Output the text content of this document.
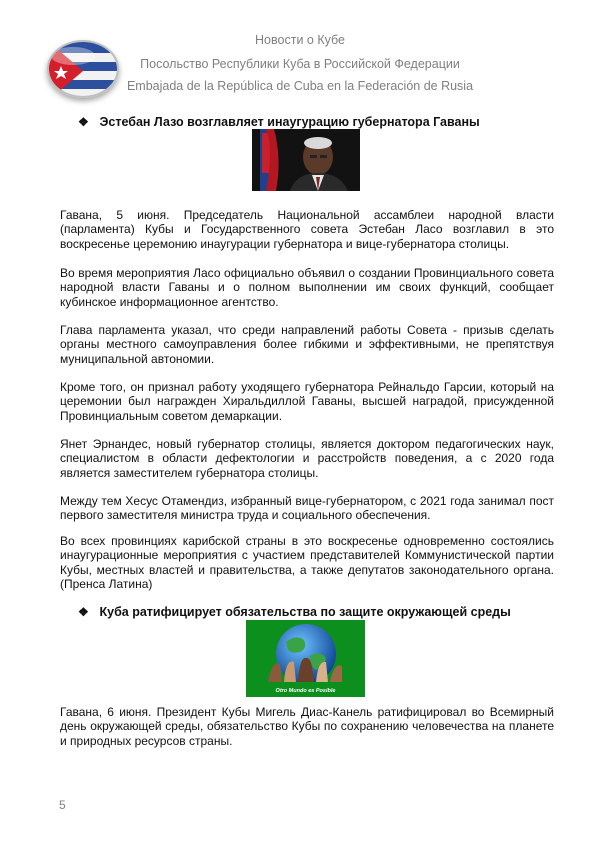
Новости о Кубе
Посольство Республики Куба в Российской Федерации
Embajada de la República de Cuba en la Federación de Rusia
❖ Эстебан Лазо возглавляет инаугурацию губернатора Гаваны
Гавана, 5 июня. Председатель Национальной ассамблеи народной власти (парламента) Кубы и Государственного совета Эстебан Ласо возглавил в это воскресенье церемонию инаугурации губернатора и вице-губернатора столицы.
Во время мероприятия Ласо официально объявил о создании Провинциального совета народной власти Гаваны и о полном выполнении им своих функций, сообщает кубинское информационное агентство.
Глава парламента указал, что среди направлений работы Совета - призыв сделать органы местного самоуправления более гибкими и эффективными, не препятствуя муниципальной автономии.
Кроме того, он признал работу уходящего губернатора Рейнальдо Гарсии, который на церемонии был награжден Хиральдиллой Гаваны, высшей наградой, присужденной Провинциальным советом демаркации.
Янет Эрнандес, новый губернатор столицы, является доктором педагогических наук, специалистом в области дефектологии и расстройств поведения, а с 2020 года является заместителем губернатора столицы.
Между тем Хесус Отамендиз, избранный вице-губернатором, с 2021 года занимал пост первого заместителя министра труда и социального обеспечения.
Во всех провинциях карибской страны в это воскресенье одновременно состоялись инаугурационные мероприятия с участием представителей Коммунистической партии Кубы, местных властей и правительства, а также депутатов законодательного органа. (Пренса Латина)
❖ Куба ратифицирует обязательства по защите окружающей среды
Otro Mundo es Posible
Гавана, 6 июня. Президент Кубы Мигель Диас-Канель ратифицировал во Всемирный день окружающей среды, обязательство Кубы по сохранению человечества на планете и природных ресурсов страны.
5
